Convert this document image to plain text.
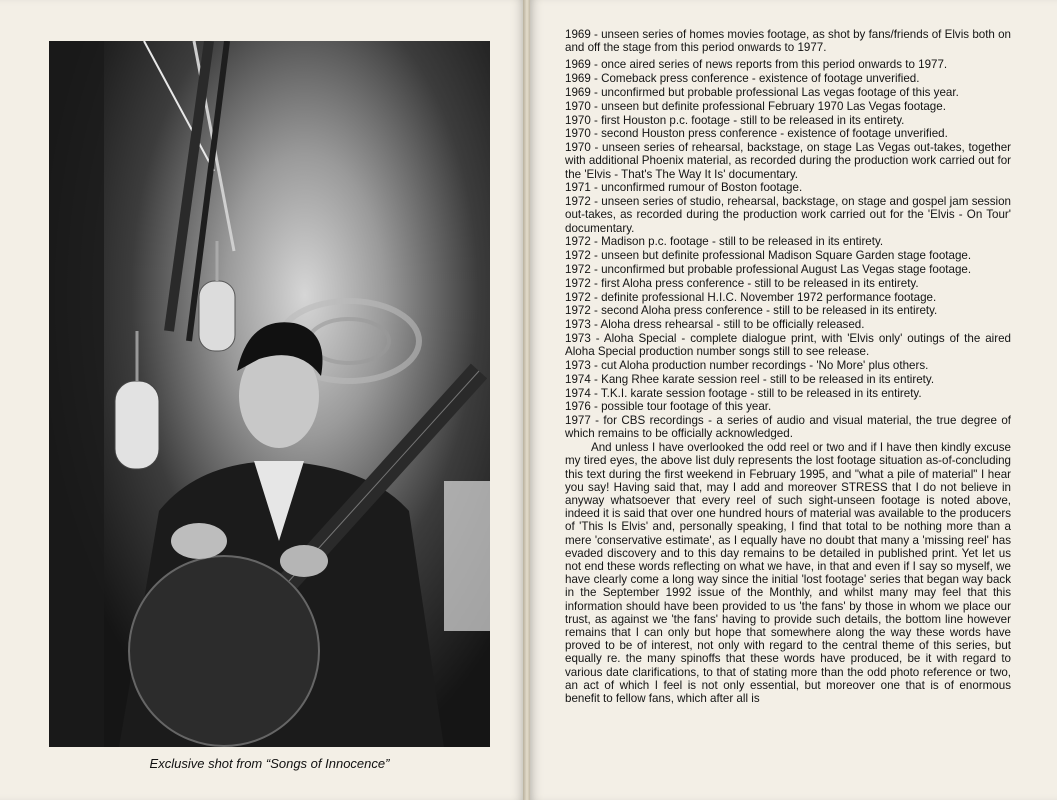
Exclusive shot from “Songs of Innocence”
1969 - unseen series of homes movies footage, as shot by fans/friends of Elvis both on and off the stage from this period onwards to 1977.
1969 - once aired series of news reports from this period onwards to 1977.
1969 - Comeback press conference - existence of footage unverified.
1969 - unconfirmed but probable professional Las vegas footage of this year.
1970 - unseen but definite professional February 1970 Las Vegas footage.
1970 - first Houston p.c. footage - still to be released in its entirety.
1970 - second Houston press conference - existence of footage unverified.
1970 - unseen series of rehearsal, backstage, on stage Las Vegas out-takes, together with additional Phoenix material, as recorded during the production work carried out for the 'Elvis - That's The Way It Is' documentary.
1971 - unconfirmed rumour of Boston footage.
1972 - unseen series of studio, rehearsal, backstage, on stage and gospel jam session out-takes, as recorded during the production work carried out for the 'Elvis - On Tour' documentary.
1972 - Madison p.c. footage - still to be released in its entirety.
1972 - unseen but definite professional Madison Square Garden stage footage.
1972 - unconfirmed but probable professional August Las Vegas stage footage.
1972 - first Aloha press conference - still to be released in its entirety.
1972 - definite professional H.I.C. November 1972 performance footage.
1972 - second Aloha press conference - still to be released in its entirety.
1973 - Aloha dress rehearsal - still to be officially released.
1973 - Aloha Special - complete dialogue print, with 'Elvis only' outings of the aired Aloha Special production number songs still to see release.
1973 - cut Aloha production number recordings - 'No More' plus others.
1974 - Kang Rhee karate session reel - still to be released in its entirety.
1974 - T.K.I. karate session footage - still to be released in its entirety.
1976 - possible tour footage of this year.
1977 - for CBS recordings - a series of audio and visual material, the true degree of which remains to be officially acknowledged.
And unless I have overlooked the odd reel or two and if I have then kindly excuse my tired eyes, the above list duly represents the lost footage situation as-of-concluding this text during the first weekend in February 1995, and "what a pile of material" I hear you say! Having said that, may I add and moreover STRESS that I do not believe in anyway whatsoever that every reel of such sight-unseen footage is noted above, indeed it is said that over one hundred hours of material was available to the producers of 'This Is Elvis' and, personally speaking, I find that total to be nothing more than a mere 'conservative estimate', as I equally have no doubt that many a 'missing reel' has evaded discovery and to this day remains to be detailed in published print. Yet let us not end these words reflecting on what we have, in that and even if I say so myself, we have clearly come a long way since the initial 'lost footage' series that began way back in the September 1992 issue of the Monthly, and whilst many may feel that this information should have been provided to us 'the fans' by those in whom we place our trust, as against we 'the fans' having to provide such details, the bottom line however remains that I can only but hope that somewhere along the way these words have proved to be of interest, not only with regard to the central theme of this series, but equally re. the many spinoffs that these words have produced, be it with regard to various date clarifications, to that of stating more than the odd photo reference or two, an act of which I feel is not only essential, but moreover one that is of enormous benefit to fellow fans, which after all is
